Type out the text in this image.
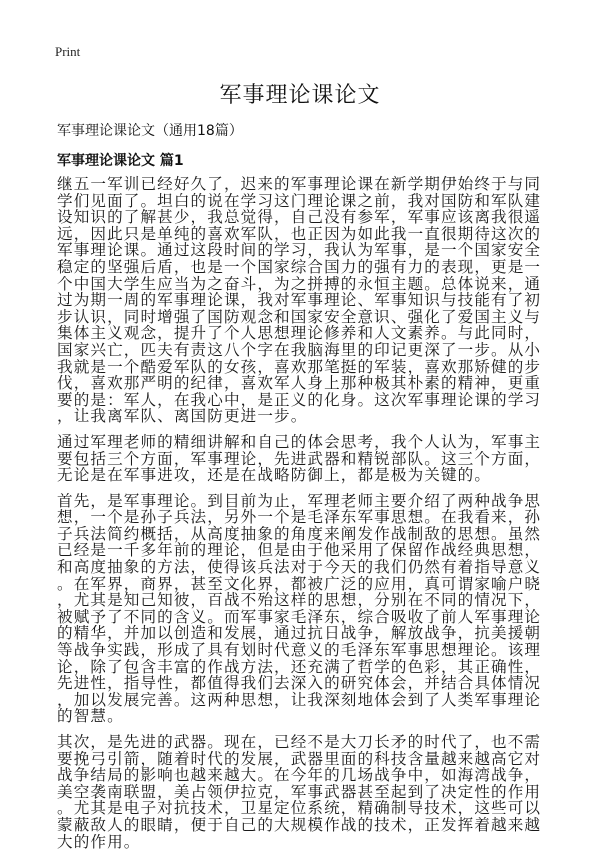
Print
军事理论课论文
军事理论课论文（通用18篇）
军事理论课论文 篇1

继五一军训已经好久了，迟来的军事理论课在新学期伊始终于与同学们见面了。坦白的说在学习这门理论课之前，我对国防和军队建设知识的了解甚少，我总觉得，自己没有参军，军事应该离我很遥远，因此只是单纯的喜欢军队，也正因为如此我一直很期待这次的军事理论课。通过这段时间的学习，我认为军事，是一个国家安全稳定的坚强后盾，也是一个国家综合国力的强有力的表现，更是一个中国大学生应当为之奋斗，为之拼搏的永恒主题。总体说来，通过为期一周的军事理论课，我对军事理论、军事知识与技能有了初步认识，同时增强了国防观念和国家安全意识、强化了爱国主义与集体主义观念，提升了个人思想理论修养和人文素养。与此同时，国家兴亡，匹夫有责这八个字在我脑海里的印记更深了一步。从小我就是一个酷爱军队的女孩，喜欢那笔挺的军装，喜欢那矫健的步伐，喜欢那严明的纪律，喜欢军人身上那种极其朴素的精神，更重要的是：军人，在我心中，是正义的化身。这次军事理论课的学习，让我离军队、离国防更进一步。

通过军理老师的精细讲解和自己的体会思考，我个人认为，军事主要包括三个方面，军事理论，先进武器和精锐部队。这三个方面，无论是在军事进攻，还是在战略防御上，都是极为关键的。

首先，是军事理论。到目前为止，军理老师主要介绍了两种战争思想，一个是孙子兵法，另外一个是毛泽东军事思想。在我看来，孙子兵法简约概括，从高度抽象的角度来阐发作战制敌的思想。虽然已经是一千多年前的理论，但是由于他采用了保留作战经典思想，和高度抽象的方法，使得该兵法对于今天的我们仍然有着指导意义。在军界，商界，甚至文化界，都被广泛的应用，真可谓家喻户晓，尤其是知己知彼，百战不殆这样的思想，分别在不同的情况下，被赋予了不同的含义。而军事家毛泽东，综合吸收了前人军事理论的精华，并加以创造和发展，通过抗日战争，解放战争，抗美援朝等战争实践，形成了具有划时代意义的毛泽东军事思想理论。该理论，除了包含丰富的作战方法，还充满了哲学的色彩，其正确性，先进性，指导性，都值得我们去深入的研究体会，并结合具体情况，加以发展完善。这两种思想，让我深刻地体会到了人类军事理论的智慧。

其次，是先进的武器。现在，已经不是大刀长矛的时代了，也不需要挽弓引箭，随着时代的发展，武器里面的科技含量越来越高它对战争结局的影响也越来越大。在今年的几场战争中，如海湾战争，美空袭南联盟，美占领伊拉克，军事武器甚至起到了决定性的作用。尤其是电子对抗技术，卫星定位系统，精确制导技术，这些可以蒙蔽敌人的眼睛，便于自己的大规模作战的技术，正发挥着越来越大的作用。
